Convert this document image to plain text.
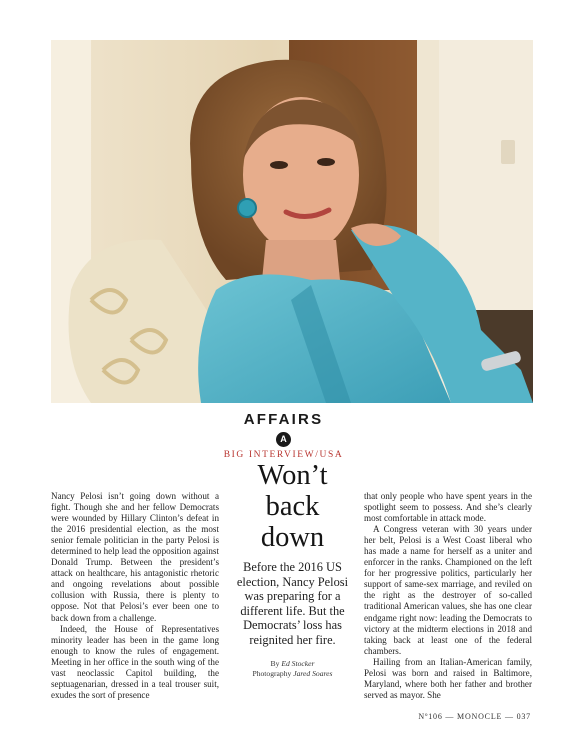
AFFAIRS
A
BIG INTERVIEW/USA

Nancy Pelosi isn’t going down without a fight. Though she and her fellow Democrats were wounded by Hillary Clinton’s defeat in the 2016 presidential election, as the most senior female politician in the party Pelosi is determined to help lead the opposition against Donald Trump. Between the president’s attack on healthcare, his antagonistic rhetoric and ongoing revelations about possible collusion with Russia, there is plenty to oppose. Not that Pelosi’s ever been one to back down from a challenge.

Indeed, the House of Representatives minority leader has been in the game long enough to know the rules of engagement. Meeting in her office in the south wing of the vast neoclassic Capitol building, the septuagenarian, dressed in a teal trouser suit, exudes the sort of presence

Won’t
back
down

Before the 2016 US election, Nancy Pelosi was preparing for a different life. But the Democrats’ loss has reignited her fire.

By Ed Stocker
Photography Jared Soares

that only people who have spent years in the spotlight seem to possess. And she’s clearly most comfortable in attack mode.

A Congress veteran with 30 years under her belt, Pelosi is a West Coast liberal who has made a name for herself as a uniter and enforcer in the ranks. Championed on the left for her progressive politics, particularly her support of same-sex marriage, and reviled on the right as the destroyer of so-called traditional American values, she has one clear endgame right now: leading the Democrats to victory at the midterm elections in 2018 and taking back at least one of the federal chambers.

Hailing from an Italian-American family, Pelosi was born and raised in Baltimore, Maryland, where both her father and brother served as mayor. She

Nº106 — MONOCLE — 037
